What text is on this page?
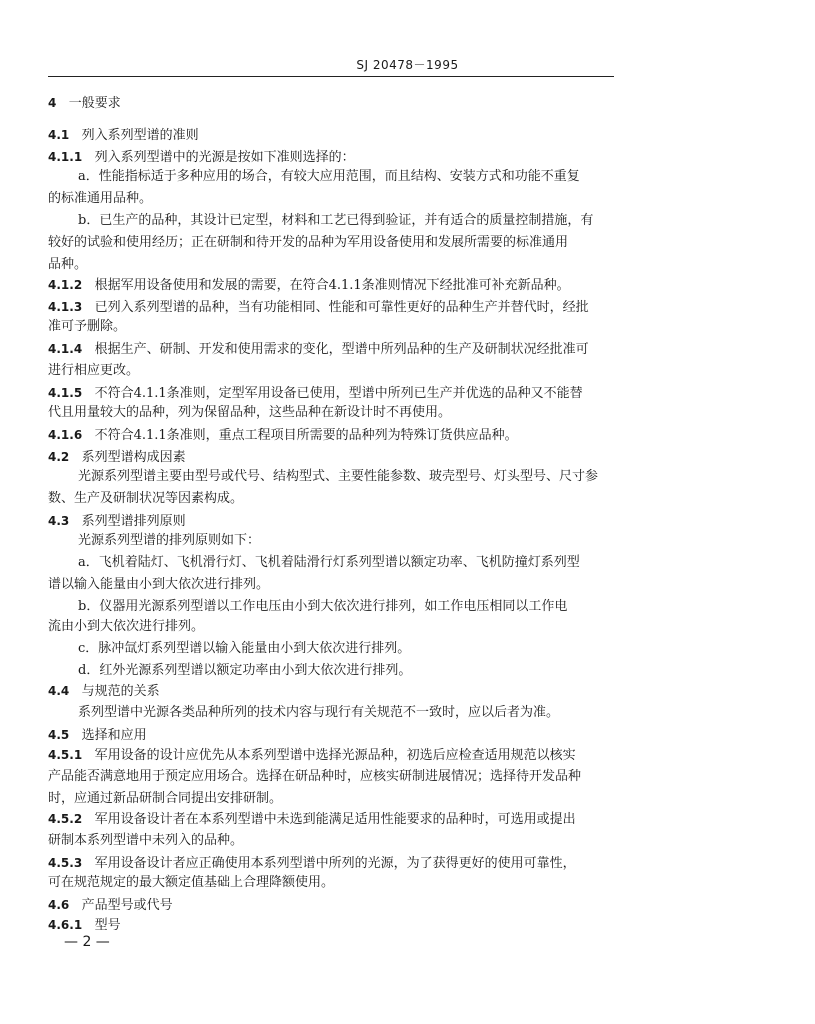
SJ 20478－1995
4 一般要求
4.1 列入系列型谱的准则
4.1.1 列入系列型谱中的光源是按如下准则选择的：
a．性能指标适于多种应用的场合，有较大应用范围，而且结构、安装方式和功能不重复
的标准通用品种。
b．已生产的品种，其设计已定型，材料和工艺已得到验证，并有适合的质量控制措施，有
较好的试验和使用经历；正在研制和待开发的品种为军用设备使用和发展所需要的标准通用
品种。
4.1.2 根据军用设备使用和发展的需要，在符合4.1.1条准则情况下经批准可补充新品种。
4.1.3 已列入系列型谱的品种，当有功能相同、性能和可靠性更好的品种生产并替代时，经批
准可予删除。
4.1.4 根据生产、研制、开发和使用需求的变化，型谱中所列品种的生产及研制状况经批准可
进行相应更改。
4.1.5 不符合4.1.1条准则，定型军用设备已使用，型谱中所列已生产并优选的品种又不能替
代且用量较大的品种，列为保留品种，这些品种在新设计时不再使用。
4.1.6 不符合4.1.1条准则，重点工程项目所需要的品种列为特殊订货供应品种。
4.2 系列型谱构成因素
光源系列型谱主要由型号或代号、结构型式、主要性能参数、玻壳型号、灯头型号、尺寸参
数、生产及研制状况等因素构成。
4.3 系列型谱排列原则
光源系列型谱的排列原则如下：
a．飞机着陆灯、飞机滑行灯、飞机着陆滑行灯系列型谱以额定功率、飞机防撞灯系列型
谱以输入能量由小到大依次进行排列。
b．仪器用光源系列型谱以工作电压由小到大依次进行排列，如工作电压相同以工作电
流由小到大依次进行排列。
c．脉冲氙灯系列型谱以输入能量由小到大依次进行排列。
d．红外光源系列型谱以额定功率由小到大依次进行排列。
4.4 与规范的关系
系列型谱中光源各类品种所列的技术内容与现行有关规范不一致时，应以后者为准。
4.5 选择和应用
4.5.1 军用设备的设计应优先从本系列型谱中选择光源品种，初选后应检查适用规范以核实
产品能否满意地用于预定应用场合。选择在研品种时，应核实研制进展情况；选择待开发品种
时，应通过新品研制合同提出安排研制。
4.5.2 军用设备设计者在本系列型谱中未选到能满足适用性能要求的品种时，可选用或提出
研制本系列型谱中未列入的品种。
4.5.3 军用设备设计者应正确使用本系列型谱中所列的光源，为了获得更好的使用可靠性，
可在规范规定的最大额定值基础上合理降额使用。
4.6 产品型号或代号
4.6.1 型号
— 2 —
